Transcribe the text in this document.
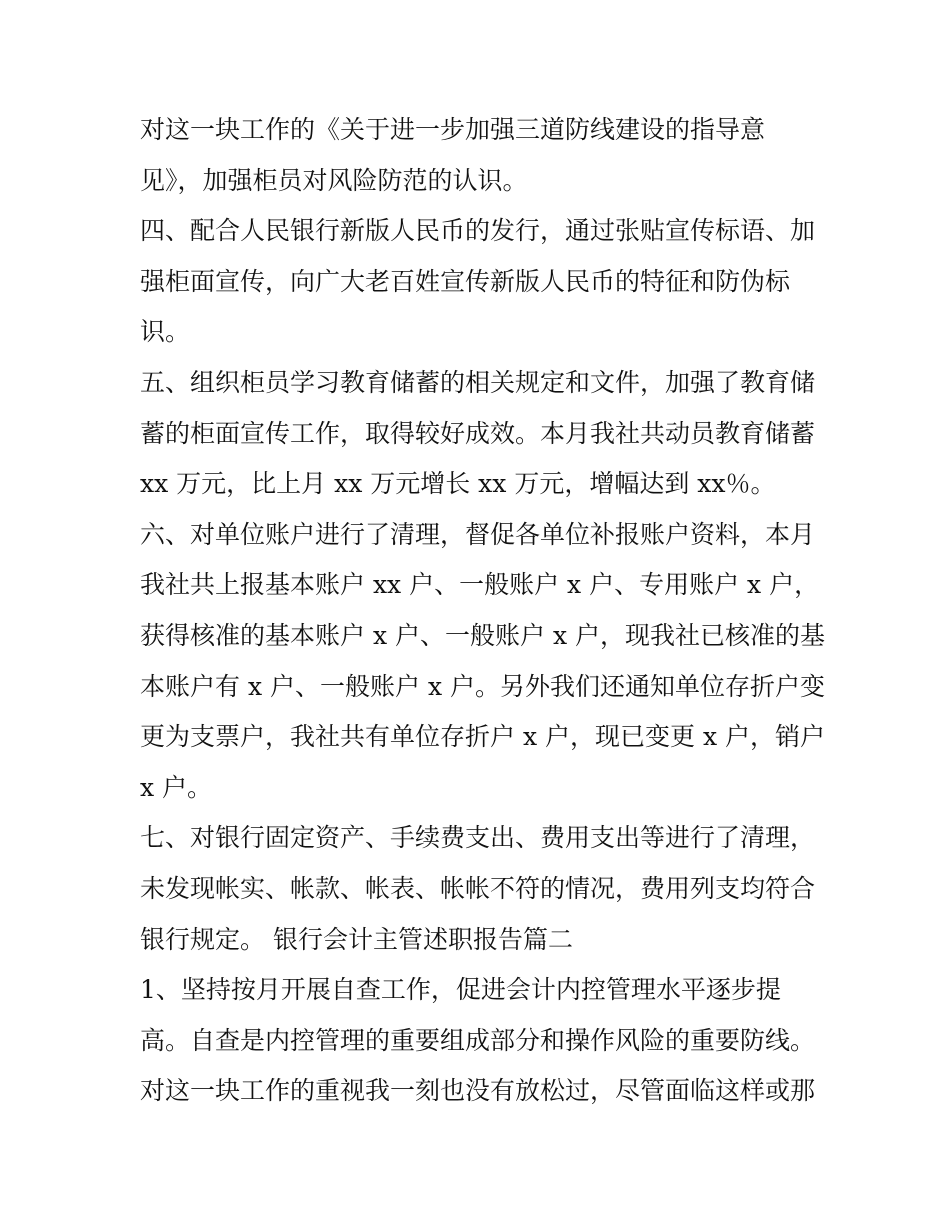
对这一块工作的《关于进一步加强三道防线建设的指导意
见》，加强柜员对风险防范的认识。
四、配合人民银行新版人民币的发行，通过张贴宣传标语、加
强柜面宣传，向广大老百姓宣传新版人民币的特征和防伪标
识。
五、组织柜员学习教育储蓄的相关规定和文件，加强了教育储
蓄的柜面宣传工作，取得较好成效。本月我社共动员教育储蓄
xx 万元，比上月 xx 万元增长 xx 万元，增幅达到 xx％。
六、对单位账户进行了清理，督促各单位补报账户资料，本月
我社共上报基本账户 xx 户、一般账户 x 户、专用账户 x 户，
获得核准的基本账户 x 户、一般账户 x 户，现我社已核准的基
本账户有 x 户、一般账户 x 户。另外我们还通知单位存折户变
更为支票户，我社共有单位存折户 x 户，现已变更 x 户，销户
x 户。
七、对银行固定资产、手续费支出、费用支出等进行了清理，
未发现帐实、帐款、帐表、帐帐不符的情况，费用列支均符合
银行规定。 银行会计主管述职报告篇二
1、坚持按月开展自查工作，促进会计内控管理水平逐步提
高。自查是内控管理的重要组成部分和操作风险的重要防线。
对这一块工作的重视我一刻也没有放松过，尽管面临这样或那
